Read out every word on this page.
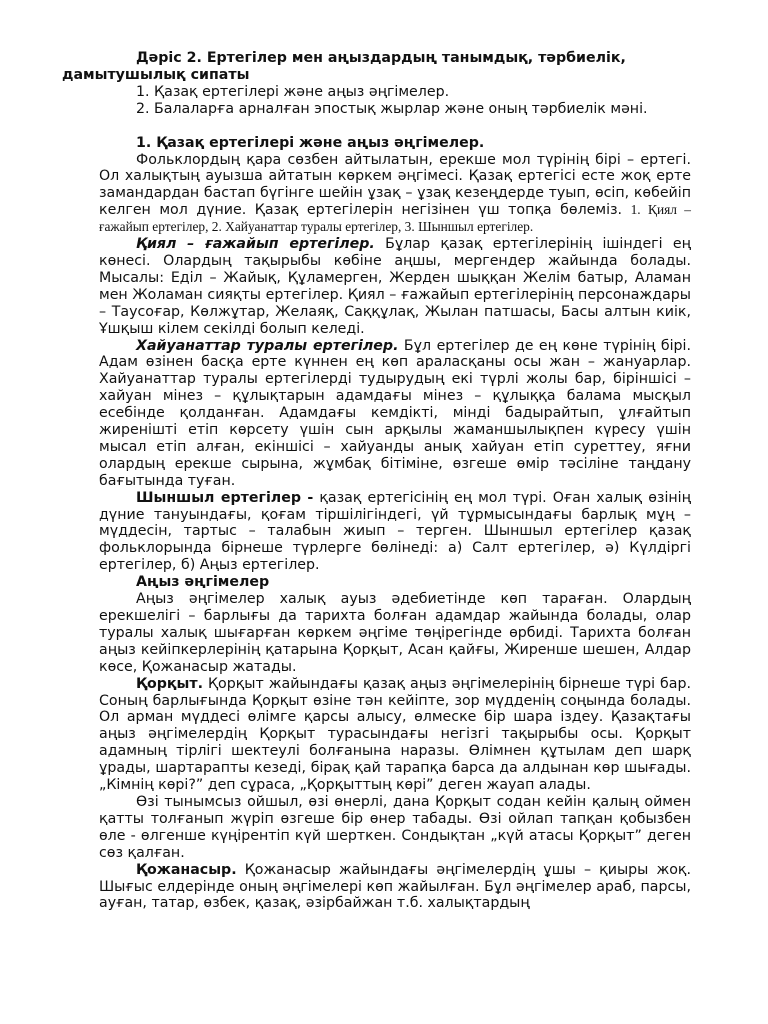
Дәріс 2. Ертегілер мен аңыздардың танымдық, тәрбиелік,
дамытушылық сипаты

1. Қазақ ертегілері және аңыз әңгімелер.
2. Балаларға арналған эпостық жырлар және оның тәрбиелік мәні.

1. Қазақ ертегілері және аңыз әңгімелер.

Фольклордың қара сөзбен айтылатын, ерекше мол түрінің бірі – ертегі. Ол халықтың ауызша айтатын көркем әңгімесі. Қазақ ертегісі есте жоқ ерте замандардан бастап бүгінге шейін ұзақ – ұзақ кезеңдерде туып, өсіп, көбейіп келген мол дүние. Қазақ ертегілерін негізінен үш топқа бөлеміз. 1. Қиял – ғажайып ертегілер, 2. Хайуанаттар туралы ертегілер, 3. Шыншыл ертегілер.

Қиял – ғажайып ертегілер. Бұлар қазақ ертегілерінің ішіндегі ең көнесі. Олардың тақырыбы көбіне аңшы, мергендер жайында болады. Мысалы: Еділ – Жайық, Құламерген, Жерден шыққан Желім батыр, Аламан мен Жоламан сияқты ертегілер. Қиял – ғажайып ертегілерінің персонаждары – Таусоғар, Көлжұтар, Желаяқ, Саққұлақ, Жылан патшасы, Басы алтын киік, Ұшқыш кілем секілді болып келеді.

Хайуанаттар туралы ертегілер. Бұл ертегілер де ең көне түрінің бірі. Адам өзінен басқа ерте күннен ең көп араласқаны осы жан – жануарлар. Хайуанаттар туралы ертегілерді тудырудың екі түрлі жолы бар, біріншісі – хайуан мінез – құлықтарын адамдағы мінез – құлыққа балама мысқыл есебінде қолданған. Адамдағы кемдікті, мінді бадырайтып, ұлғайтып жиреніштi етіп көрсету үшін сын арқылы жаманшылықпен күресу үшін мысал етіп алған, екіншісі – хайуанды анық хайуан етіп суреттеу, яғни олардың ерекше сырына, жұмбақ бітіміне, өзгеше өмір тәсіліне таңдану бағытында туған.

Шыншыл ертегілер - қазақ ертегісінің ең мол түрі. Оған халық өзінің дүние тануындағы, қоғам тіршілігіндегі, үй тұрмысындағы барлық мұң – мүддесін, тартыс – талабын жиып – терген. Шыншыл ертегілер қазақ фольклорында бірнеше түрлерге бөлінеді: а) Салт ертегілер, ә) Күлдіргі ертегілер, б) Аңыз ертегілер.

Аңыз әңгімелер

Аңыз әңгімелер халық ауыз әдебиетінде көп тараған. Олардың ерекшелігі – барлығы да тарихта болған адамдар жайында болады, олар туралы халық шығарған көркем әңгіме төңірегінде өрбиді. Тарихта болған аңыз кейіпкерлерінің қатарына Қорқыт, Асан қайғы, Жиренше шешен, Алдар көсе, Қожанасыр жатады.

Қорқыт. Қорқыт жайындағы қазақ аңыз әңгімелерінің бірнеше түрі бар. Соның барлығында Қорқыт өзіне тән кейіпте, зор мүдденің соңында болады. Ол арман мүддесі өлімге қарсы алысу, өлмеске бір шара іздеу. Қазақтағы аңыз әңгімелердің Қорқыт турасындағы негізгі тақырыбы осы. Қорқыт адамның тірлігі шектеулі болғанына наразы. Өлімнен құтылам деп шарқ ұрады, шартарапты кезеді, бірақ қай тарапқа барса да алдынан көр шығады. „Кімнің көрі?” деп сұраса, „Қорқыттың көрі” деген жауап алады.

Өзі тынымсыз ойшыл, өзі өнерлі, дана Қорқыт содан кейін қалың оймен қатты толғанып жүріп өзгеше бір өнер табады. Өзі ойлап тапқан қобызбен өле - өлгенше күңірентіп күй шерткен. Сондықтан „күй атасы Қорқыт” деген сөз қалған.

Қожанасыр. Қожанасыр жайындағы әңгімелердің ұшы – қиыры жоқ. Шығыс елдерінде оның әңгімелері көп жайылған. Бұл әңгімелер араб, парсы, ауған, татар, өзбек, қазақ, әзірбайжан т.б. халықтардың
